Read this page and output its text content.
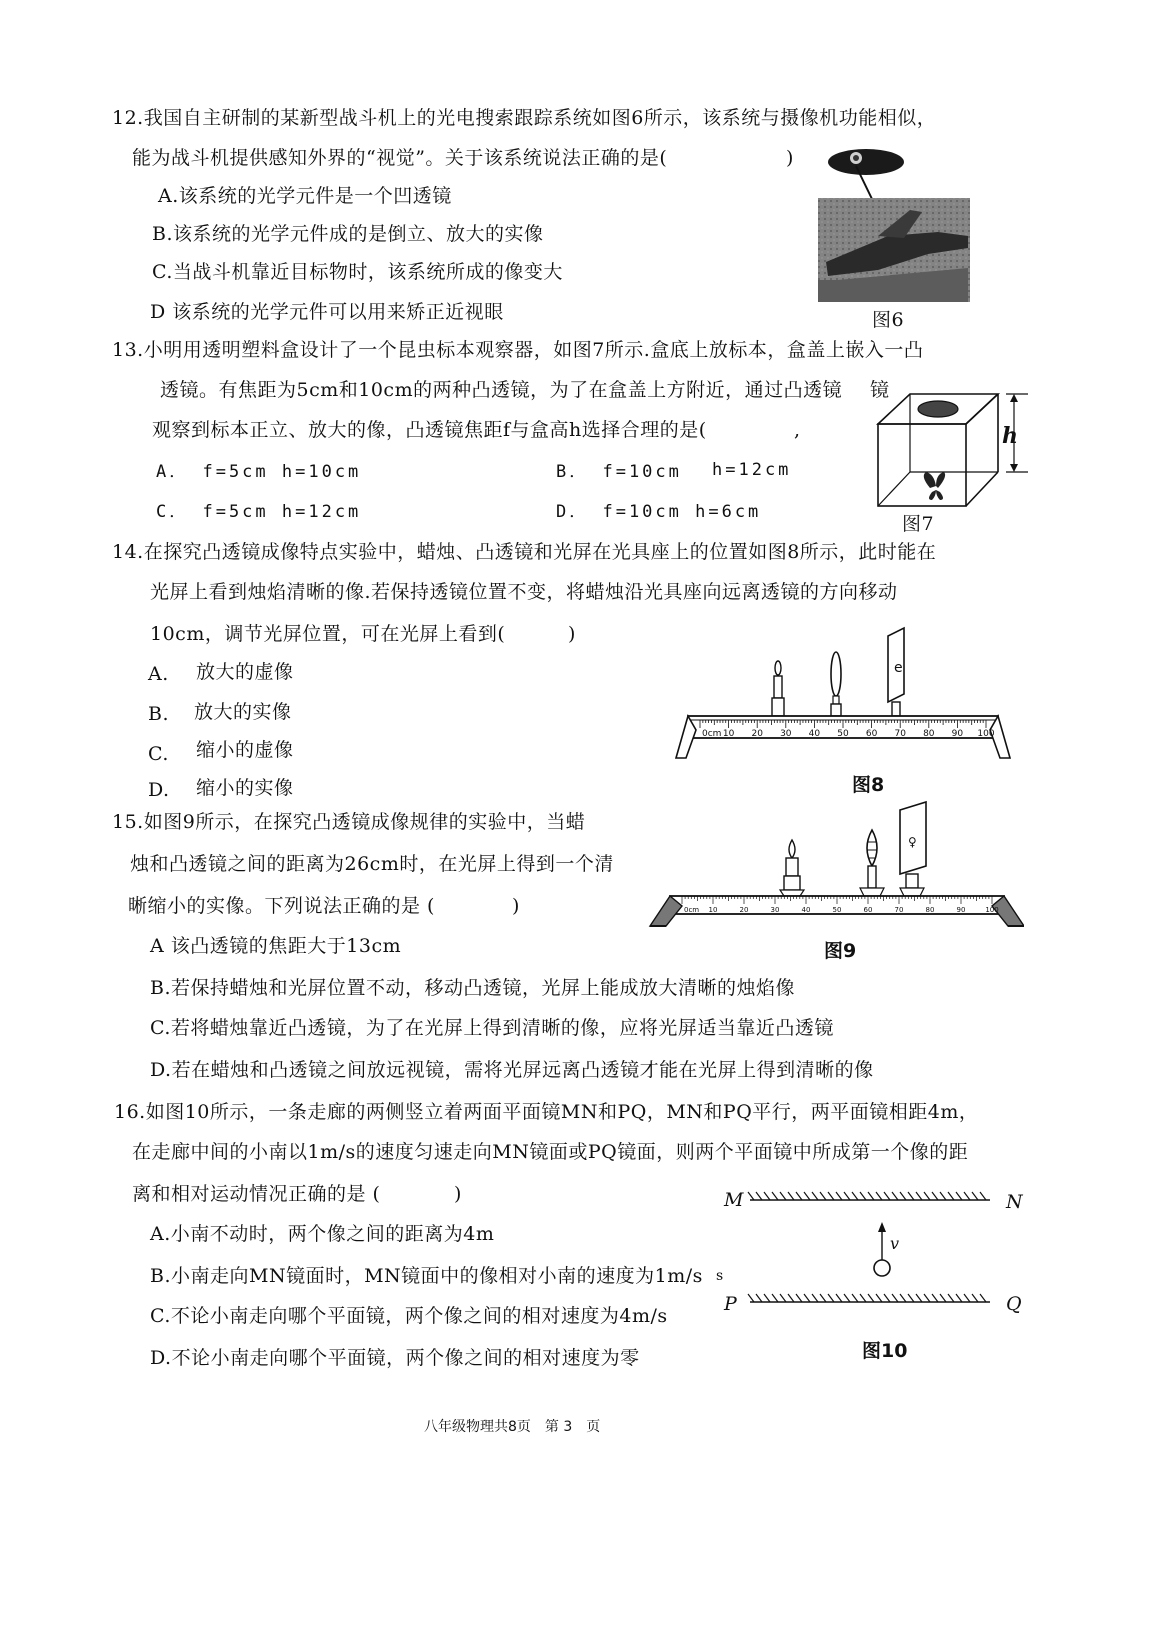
12.我国自主研制的某新型战斗机上的光电搜索跟踪系统如图6所示，该系统与摄像机功能相似，
能为战斗机提供感知外界的“视觉”。关于该系统说法正确的是(	)
A.该系统的光学元件是一个凹透镜
B.该系统的光学元件成的是倒立、放大的实像
C.当战斗机靠近目标物时，该系统所成的像变大
D 该系统的光学元件可以用来矫正近视眼	图6
13.小明用透明塑料盒设计了一个昆虫标本观察器，如图7所示.盒底上放标本，盒盖上嵌入一凸
透镜。有焦距为5cm和10cm的两种凸透镜，为了在盒盖上方附近，通过凸透镜
观察到标本正立、放大的像，凸透镜焦距f与盒高h选择合理的是(	,
A． f=5cm h=10cm	B． f=10cm h=12cm
C． f=5cm h=12cm	D． f=10cm h=6cm
镜
h
图7
14.在探究凸透镜成像特点实验中，蜡烛、凸透镜和光屏在光具座上的位置如图8所示，此时能在
光屏上看到烛焰清晰的像.若保持透镜位置不变，将蜡烛沿光具座向远离透镜的方向移动
10cm，调节光屏位置，可在光屏上看到(	)
A. 放大的虚像
B. 放大的实像
C. 缩小的虚像
D. 缩小的实像
e
0cm 10 20 30 40 50 60 70 80 90 100
图8
15.如图9所示，在探究凸透镜成像规律的实验中，当蜡
烛和凸透镜之间的距离为26cm时，在光屏上得到一个清
晰缩小的实像。下列说法正确的是 (	)
A 该凸透镜的焦距大于13cm
B.若保持蜡烛和光屏位置不动，移动凸透镜，光屏上能成放大清晰的烛焰像
C.若将蜡烛靠近凸透镜，为了在光屏上得到清晰的像，应将光屏适当靠近凸透镜
D.若在蜡烛和凸透镜之间放远视镜，需将光屏远离凸透镜才能在光屏上得到清晰的像
♀
0cm 10	20	30	40	50	60	70	80	90	100
图9
16.如图10所示，一条走廊的两侧竖立着两面平面镜MN和PQ，MN和PQ平行，两平面镜相距4m，
在走廊中间的小南以1m/s的速度匀速走向MN镜面或PQ镜面，则两个平面镜中所成第一个像的距
离和相对运动情况正确的是 (	)
A.小南不动时，两个像之间的距离为4m
B.小南走向MN镜面时，MN镜面中的像相对小南的速度为1m/s s
C.不论小南走向哪个平面镜，两个像之间的相对速度为4m/s
D.不论小南走向哪个平面镜，两个像之间的相对速度为零
M	N
P	Q
v
图10
八年级物理共8页　第 3　页
